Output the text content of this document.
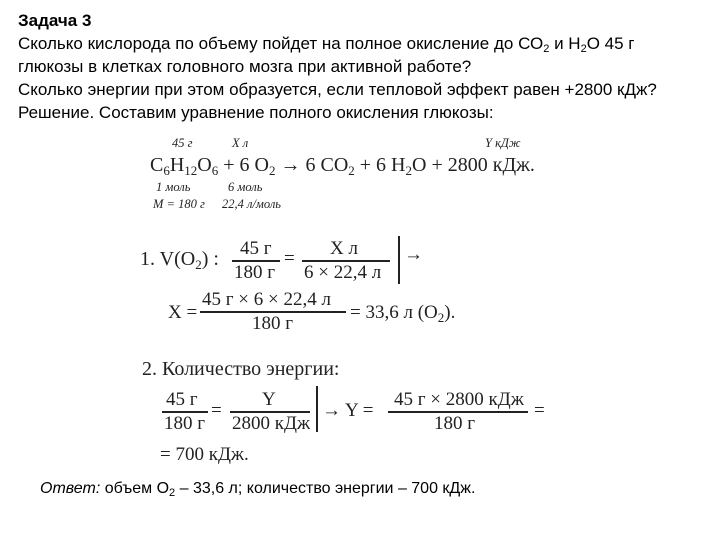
Задача 3
Сколько кислорода по объему пойдет на полное окисление до СО2 и Н2О 45 г
глюкозы в клетках головного мозга при активной работе?
Сколько энергии при этом образуется, если тепловой эффект равен +2800 кДж?
Решение. Составим уравнение полного окисления глюкозы:
45 г	X л	Y кДж
$C_6H_{12}O_6 + 6$ $O_2 \to 6$ $CO_2 + 6$ $H_2O + 2800$ кДж.
1 моль
M = 180 г
6 моль
22,4 л/моль
1. $V(O_2)$ : 45 г
180 г
= X л
6 × 22,4 л
→
X =
45 г × 6 × 22,4 л
180 г
= 33,6 л $(O_2)$.
2. Количество энергии:
45 г
180 г
=
Y
2800 кДж
→ Y =
45 г × 2800 кДж
180 г
=
= 700 кДж.
Ответ: объем О2 – 33,6 л; количество энергии – 700 кДж.
